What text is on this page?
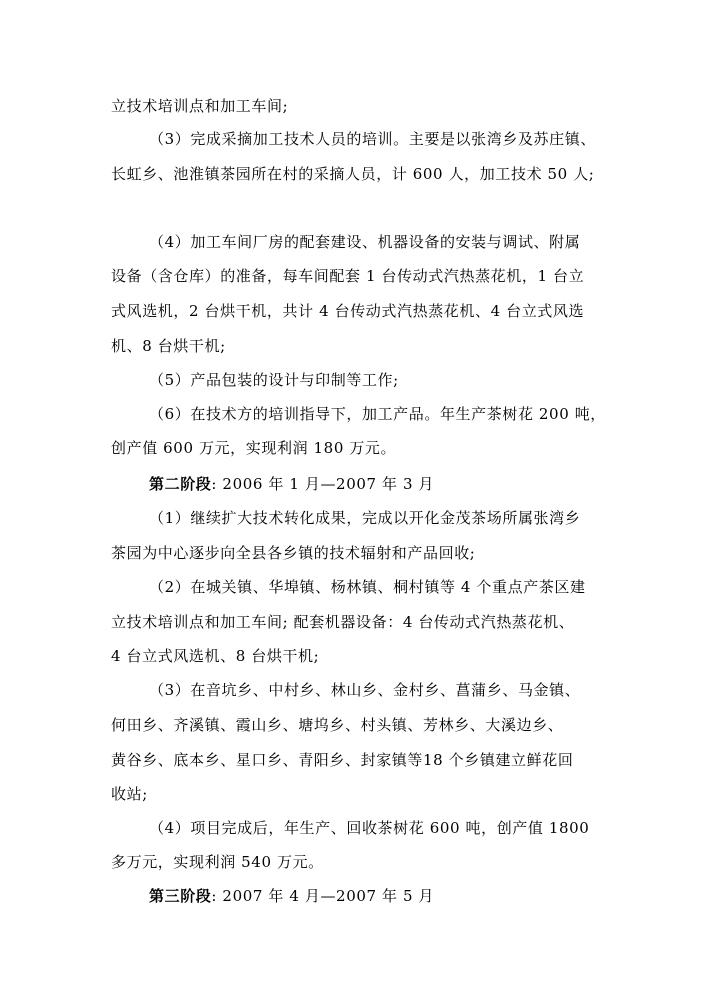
立技术培训点和加工车间;
（3）完成采摘加工技术人员的培训。主要是以张湾乡及苏庄镇、
长虹乡、池淮镇茶园所在村的采摘人员，计 600 人，加工技术 50 人;
（4）加工车间厂房的配套建设、机器设备的安装与调试、附属
设备（含仓库）的准备，每车间配套 1 台传动式汽热蒸花机，1 台立
式风选机，2 台烘干机，共计 4 台传动式汽热蒸花机、4 台立式风选
机、8 台烘干机;
（5）产品包装的设计与印制等工作;
（6）在技术方的培训指导下，加工产品。年生产茶树花 200 吨，
创产值 600 万元，实现利润 180 万元。
第二阶段: 2006 年 1 月—2007 年 3 月
（1）继续扩大技术转化成果，完成以开化金茂茶场所属张湾乡
茶园为中心逐步向全县各乡镇的技术辐射和产品回收;
（2）在城关镇、华埠镇、杨林镇、桐村镇等 4 个重点产茶区建
立技术培训点和加工车间; 配套机器设备：4 台传动式汽热蒸花机、
4 台立式风选机、8 台烘干机;
（3）在音坑乡、中村乡、林山乡、金村乡、菖蒲乡、马金镇、
何田乡、齐溪镇、霞山乡、塘坞乡、村头镇、芳林乡、大溪边乡、
黄谷乡、底本乡、星口乡、青阳乡、封家镇等18 个乡镇建立鲜花回
收站;
（4）项目完成后，年生产、回收茶树花 600 吨，创产值 1800
多万元，实现利润 540 万元。
第三阶段: 2007 年 4 月—2007 年 5 月
